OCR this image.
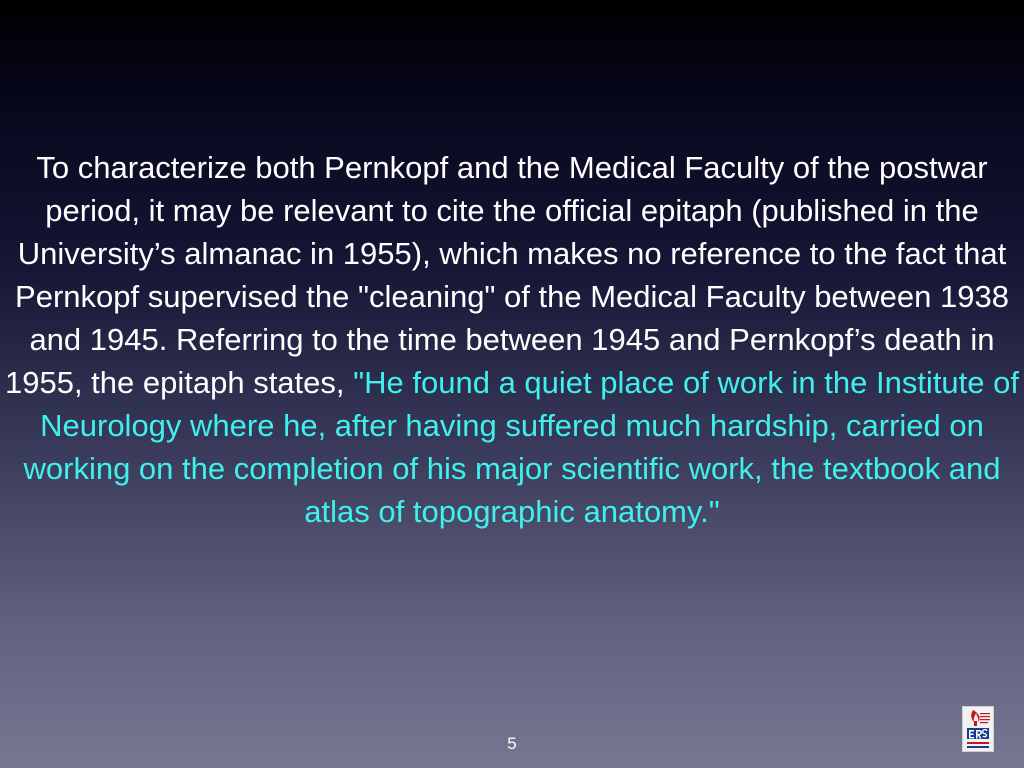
To characterize both Pernkopf and the Medical Faculty of the postwar period, it may be relevant to cite the official epitaph (published in the University’s almanac in 1955), which makes no reference to the fact that Pernkopf supervised the "cleaning" of the Medical Faculty between 1938 and 1945. Referring to the time between 1945 and Pernkopf’s death in 1955, the epitaph states, "He found a quiet place of work in the Institute of Neurology where he, after having suffered much hardship, carried on working on the completion of his major scientific work, the textbook and atlas of topographic anatomy."

5
